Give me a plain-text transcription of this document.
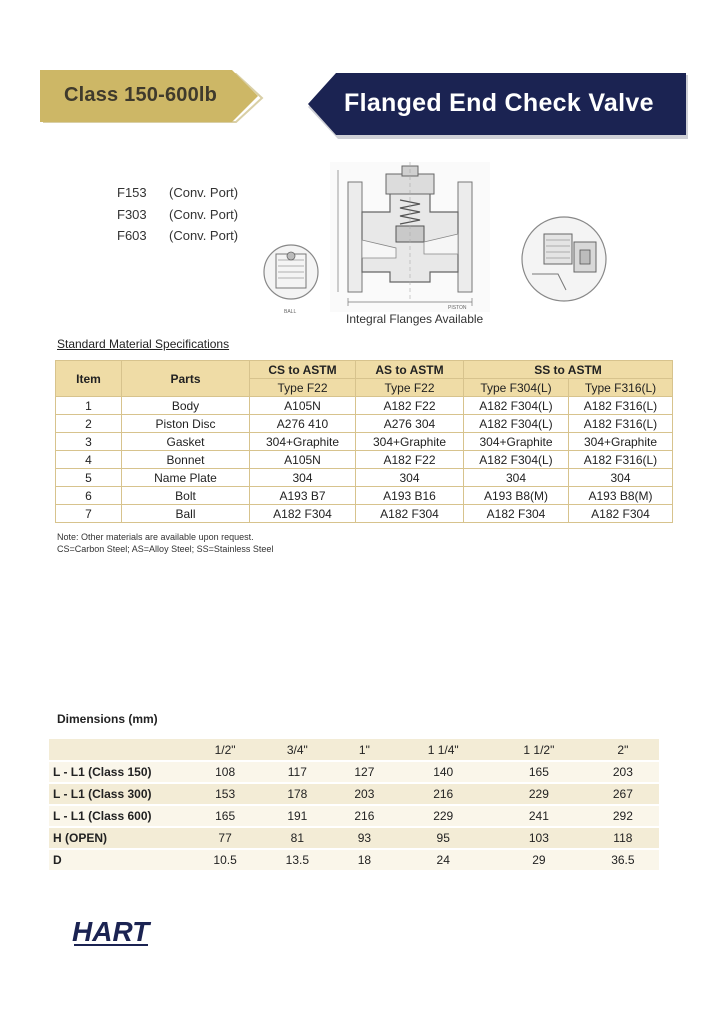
Class 150-600lb	Flanged End Check Valve
F153	(Conv. Port)
F303	(Conv. Port)
F603	(Conv. Port)
BALL
PISTON
Integral Flanges Available
Standard Material Specifications
Item	Parts	CS to ASTM	AS to ASTM	SS to ASTM	
		Type F22	Type F22	Type F304(L)	Type F316(L)
1	Body	A105N	A182 F22	A182 F304(L)	A182 F316(L)
2	Piston Disc	A276 410	A276 304	A182 F304(L)	A182 F316(L)
3	Gasket	304+Graphite	304+Graphite	304+Graphite	304+Graphite
4	Bonnet	A105N	A182 F22	A182 F304(L)	A182 F316(L)
5	Name Plate	304	304	304	304
6	Bolt	A193 B7	A193 B16	A193 B8(M)	A193 B8(M)
7	Ball	A182 F304	A182 F304	A182 F304	A182 F304
Note: Other materials are available upon request.
CS=Carbon Steel; AS=Alloy Steel; SS=Stainless Steel
Dimensions (mm)
	1/2"	3/4"	1"	1 1/4"	1 1/2"	2"
L - L1 (Class 150)	108	117	127	140	165	203
L - L1 (Class 300)	153	178	203	216	229	267
L - L1 (Class 600)	165	191	216	229	241	292
H (OPEN)	77	81	93	95	103	118
D	10.5	13.5	18	24	29	36.5
HART
